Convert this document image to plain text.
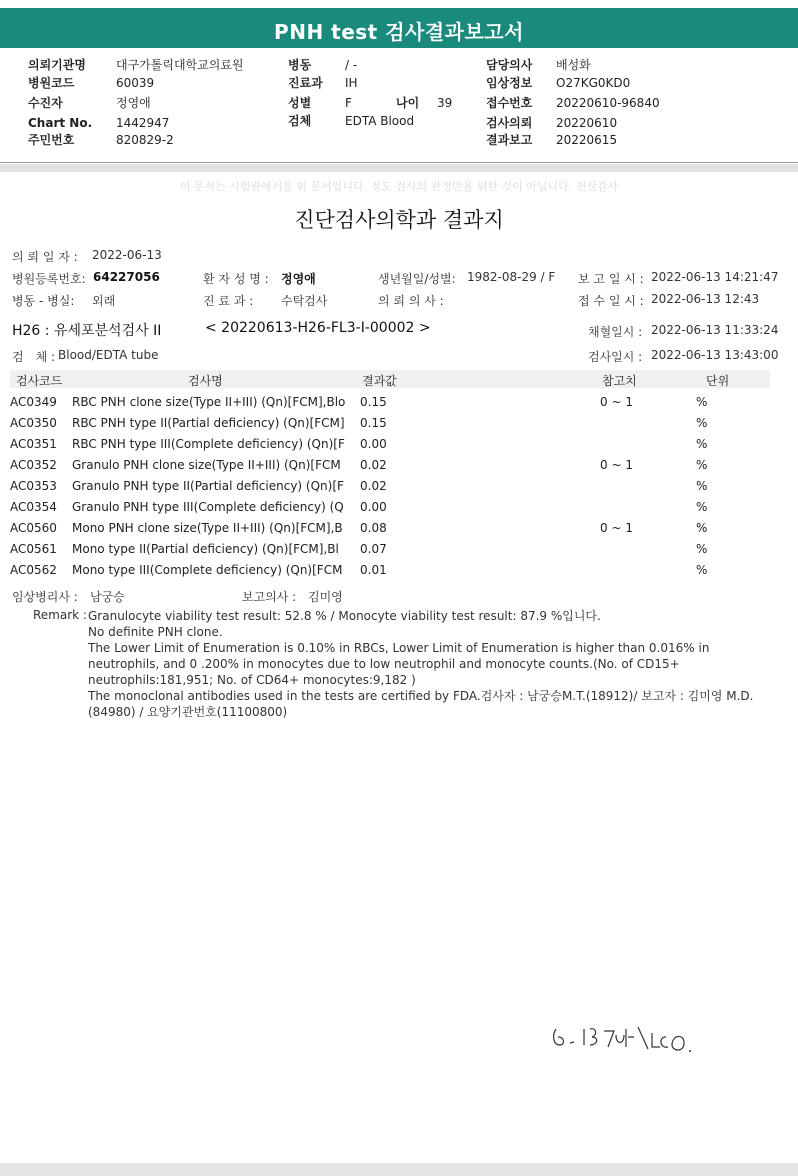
PNH test 검사결과보고서
의뢰기관명	대구가톨릭대학교의료원
병원코드	60039
수진자	정영애
Chart No. 1442947
주민번호	820829-2
병동	/ -
진료과 IH
성별	F	나이 39
검체	EDTA Blood
담당의사 배성화
임상정보 O27KG0KD0
접수번호 20220610-96840
검사의뢰 20220610
결과보고 20220615
이 문서는 시험관에서를 위 문서입니다. 정도 검사의 판정만을 위한 것이 아닙니다. 전산감사
진단검사의학과 결과지
의 뢰 일 자 : 2022-06-13
병원등록번호: 64227056	환 자 성 명 : 정영애	생년월일/성별: 1982-08-29 / F 보 고 일 시 : 2022-06-13 14:21:47
병동 - 병실: 외래	진 료 과 : 수탁검사	의 뢰 의 사 :	접 수 일 시 : 2022-06-13 12:43
H26 : 유세포분석검사 II	< 20220613-H26-FL3-I-00002 >	채혈일시 : 2022-06-13 11:33:24
검　체 : Blood/EDTA tube	검사일시 : 2022-06-13 13:43:00
검사코드	검사명	결과값	참고치	단위
AC0349 RBC PNH clone size(Type II+III) (Qn)[FCM],Blo 0.15	0 ~ 1	%
AC0350 RBC PNH type II(Partial deficiency) (Qn)[FCM] 0.15	%
AC0351 RBC PNH type III(Complete deficiency) (Qn)[F 0.00	%
AC0352 Granulo PNH clone size(Type II+III) (Qn)[FCM 0.02	0 ~ 1	%
AC0353 Granulo PNH type II(Partial deficiency) (Qn)[F 0.02	%
AC0354 Granulo PNH type III(Complete deficiency) (Q 0.00	%
AC0560 Mono PNH clone size(Type II+III) (Qn)[FCM],B 0.08	0 ~ 1	%
AC0561 Mono type II(Partial deficiency) (Qn)[FCM],Bl 0.07	%
AC0562 Mono type III(Complete deficiency) (Qn)[FCM 0.01	%
임상병리사 : 남궁승	보고의사 : 김미영
Remark : Granulocyte viability test result: 52.8 % / Monocyte viability test result: 87.9 %입니다.

No definite PNH clone.

The Lower Limit of Enumeration is 0.10% in RBCs, Lower Limit of Enumeration is higher than 0.016% in neutrophils, and 0 .200% in monocytes due to low neutrophil and monocyte counts.(No. of CD15+ neutrophils:181,951; No. of CD64+ monocytes:9,182 )

The monoclonal antibodies used in the tests are certified by FDA.검사자 : 남궁승M.T.(18912)/ 보고자 : 김미영 M.D.(84980) / 요양기관번호(11100800)
